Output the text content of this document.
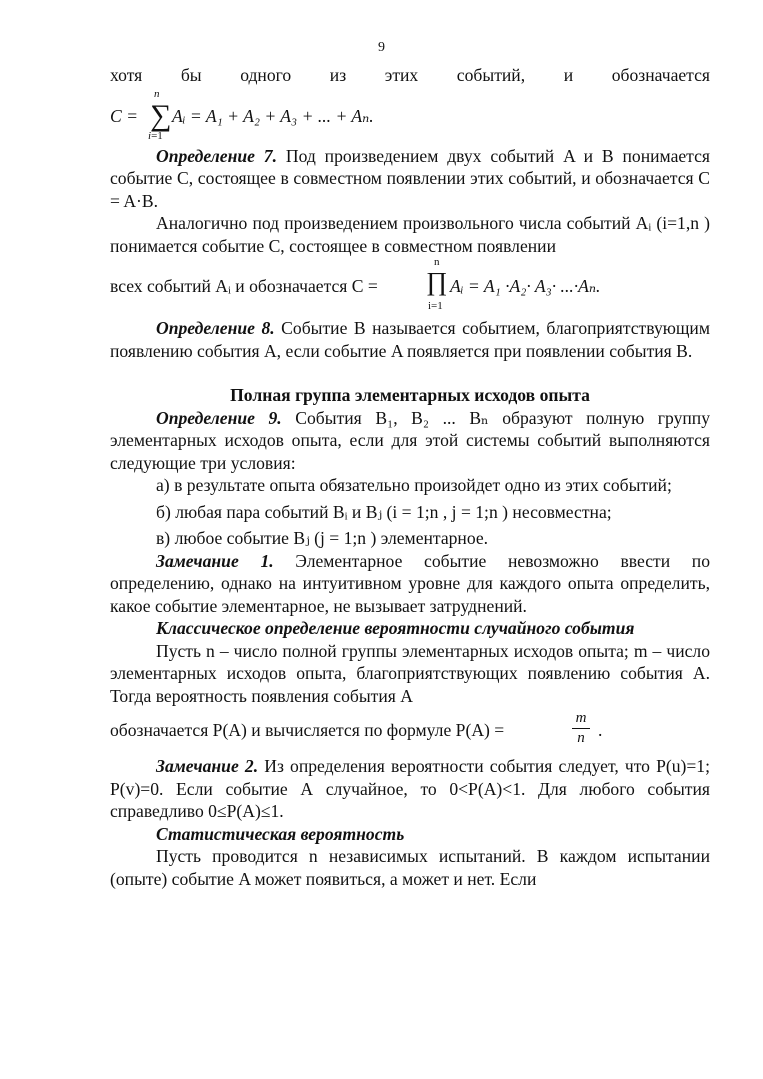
9
хотя бы одного из этих событий, и обозначается
C =
n
∑
i=1
Aᵢ = A₁ + A₂ + A₃ + ... + Aₙ.
Определение 7. Под произведением двух событий A и B понимается событие C, состоящее в совместном появлении этих событий, и обозначается C = A·B.
Аналогично под произведением произвольного числа событий Aᵢ (i=1,n ) понимается событие C, состоящее в совместном появлении
всех событий Aᵢ и обозначается C =
n
∏
i=1
Aᵢ = A₁ ·A₂· A₃· ...·Aₙ.
Определение 8. Событие B называется событием, благоприятствующим появлению события A, если событие A появляется при появлении события B.
Полная группа элементарных исходов опыта
Определение 9. События B₁, B₂ ... Bₙ образуют полную группу элементарных исходов опыта, если для этой системы событий выполняются следующие три условия:
а) в результате опыта обязательно произойдет одно из этих событий;
б) любая пара событий Bᵢ и Bⱼ (i = 1;n , j = 1;n ) несовместна;
в) любое событие Bⱼ (j = 1;n ) элементарное.
Замечание 1. Элементарное событие невозможно ввести по определению, однако на интуитивном уровне для каждого опыта определить, какое событие элементарное, не вызывает затруднений.
Классическое определение вероятности случайного события
Пусть n – число полной группы элементарных исходов опыта; m – число элементарных исходов опыта, благоприятствующих появлению события A. Тогда вероятность появления события A
обозначается P(A) и вычисляется по формуле P(A) =
m
n .
Замечание 2. Из определения вероятности события следует, что P(u)=1; P(v)=0. Если событие А случайное, то 0<P(A)<1. Для любого события справедливо 0≤P(A)≤1.
Статистическая вероятность
Пусть проводится n независимых испытаний. В каждом испытании (опыте) событие A может появиться, а может и нет. Если
